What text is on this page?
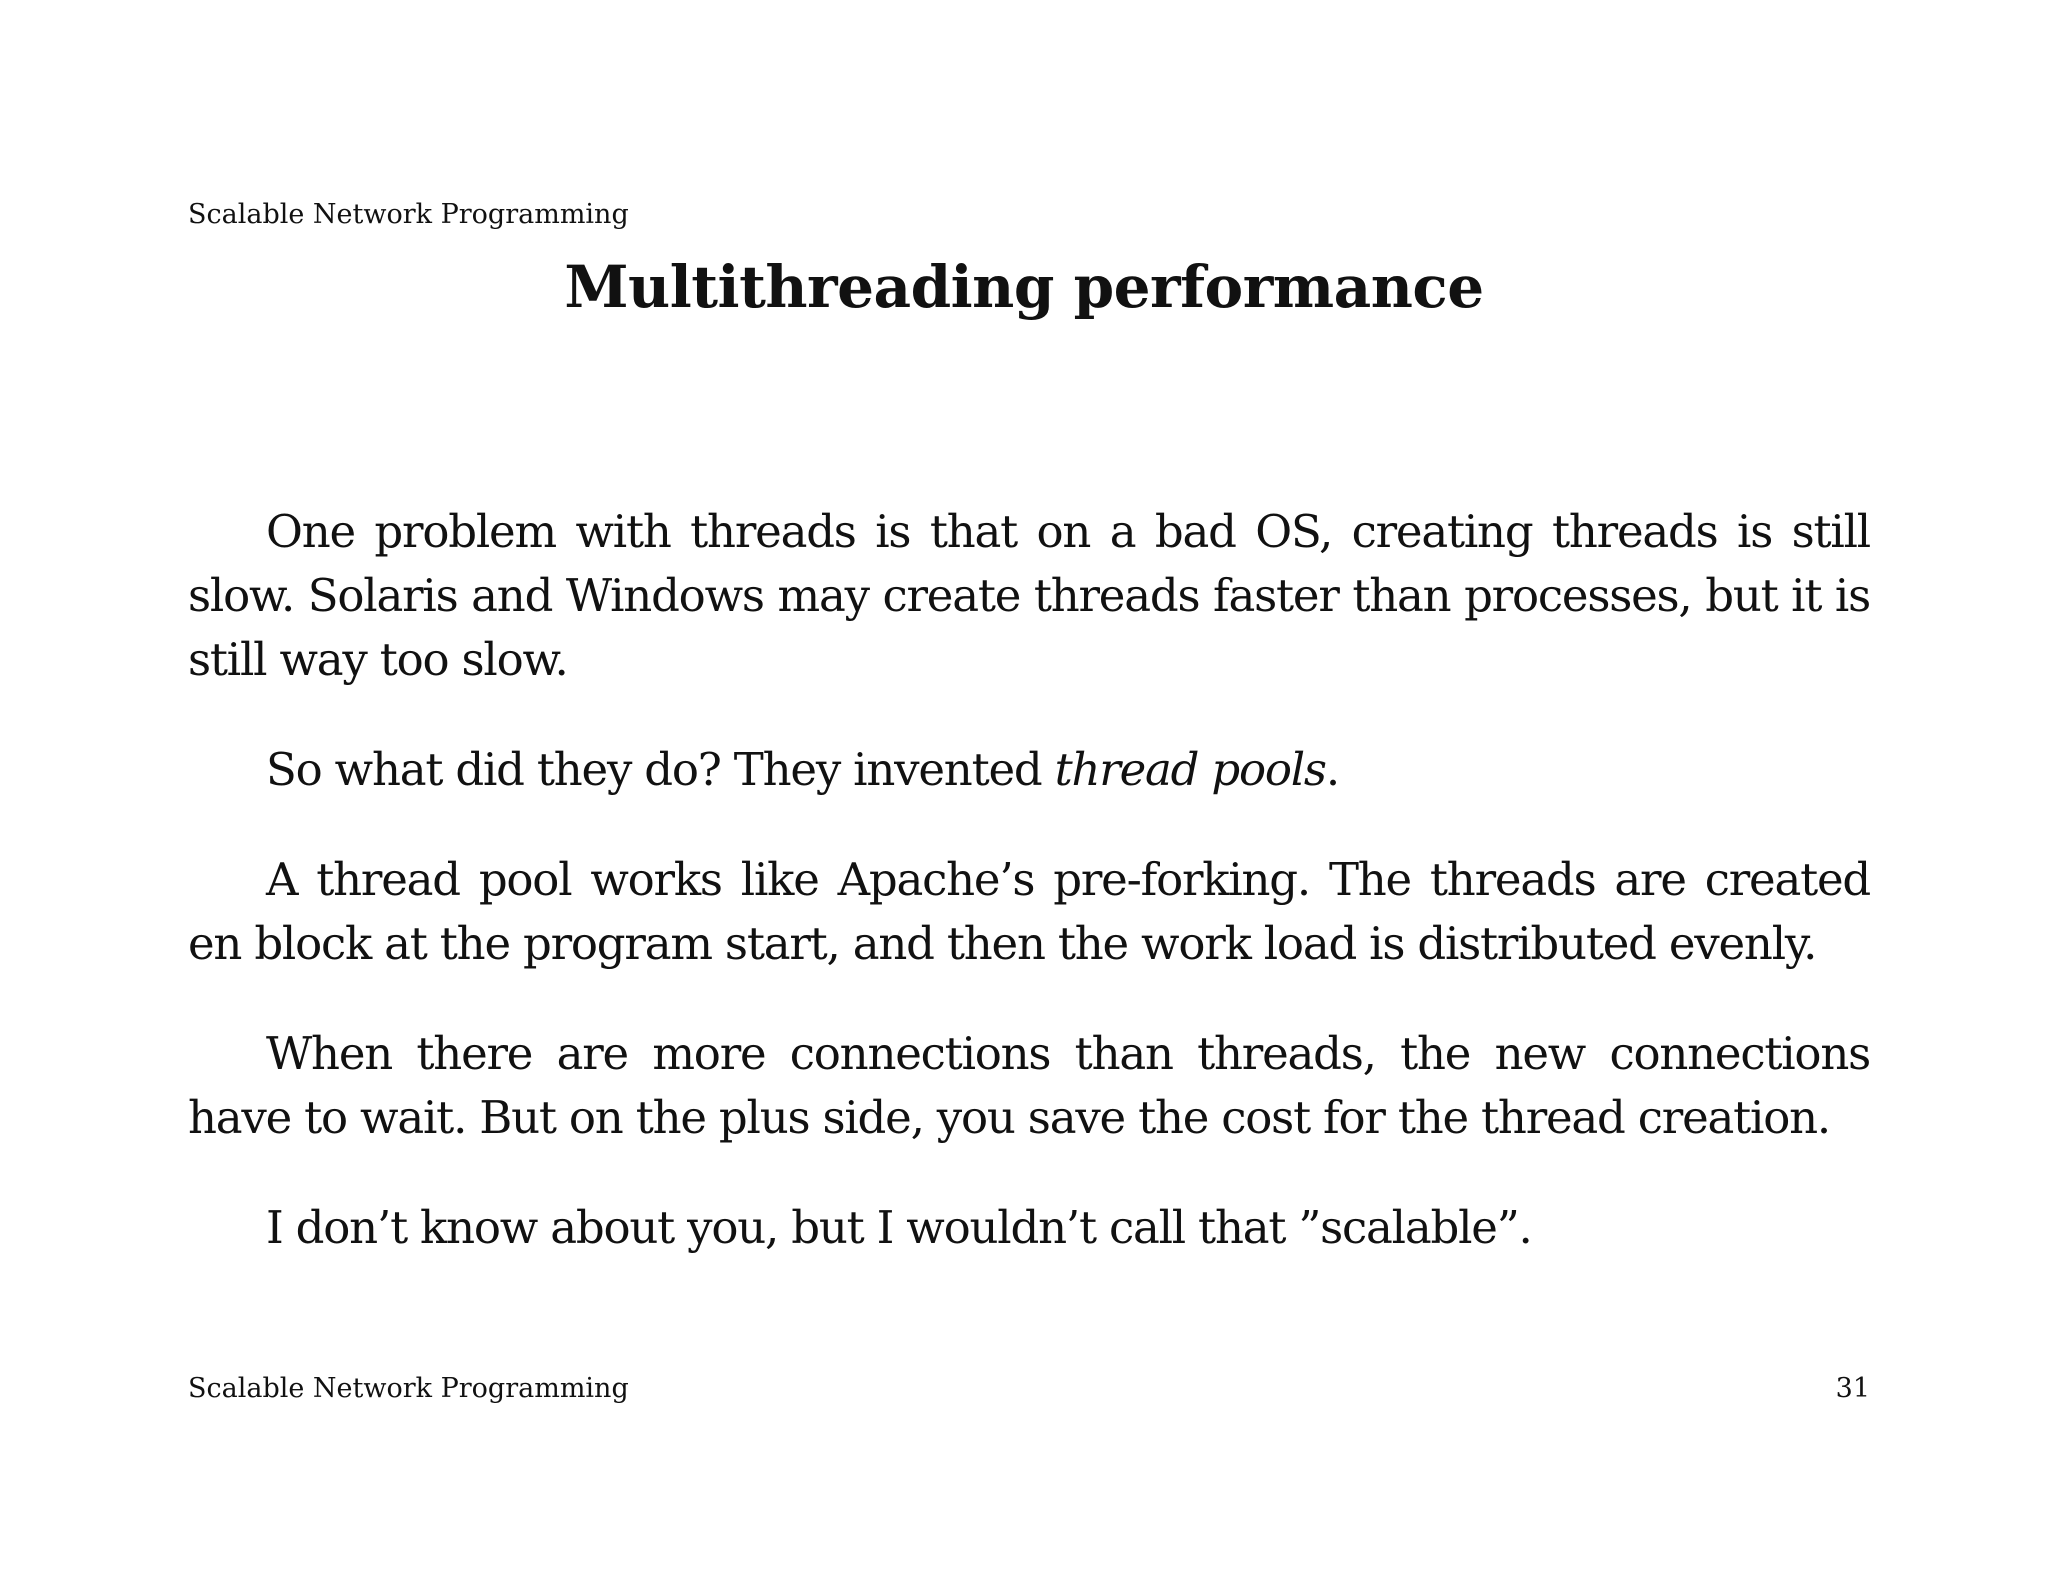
Scalable Network Programming
Multithreading performance

One problem with threads is that on a bad OS, creating threads is still slow. Solaris and Windows may create threads faster than processes, but it is still way too slow.

So what did they do? They invented thread pools.

A thread pool works like Apache’s pre-forking. The threads are created en block at the program start, and then the work load is distributed evenly.

When there are more connections than threads, the new connections have to wait. But on the plus side, you save the cost for the thread creation.

I don’t know about you, but I wouldn’t call that ”scalable”.

Scalable Network Programming	31
